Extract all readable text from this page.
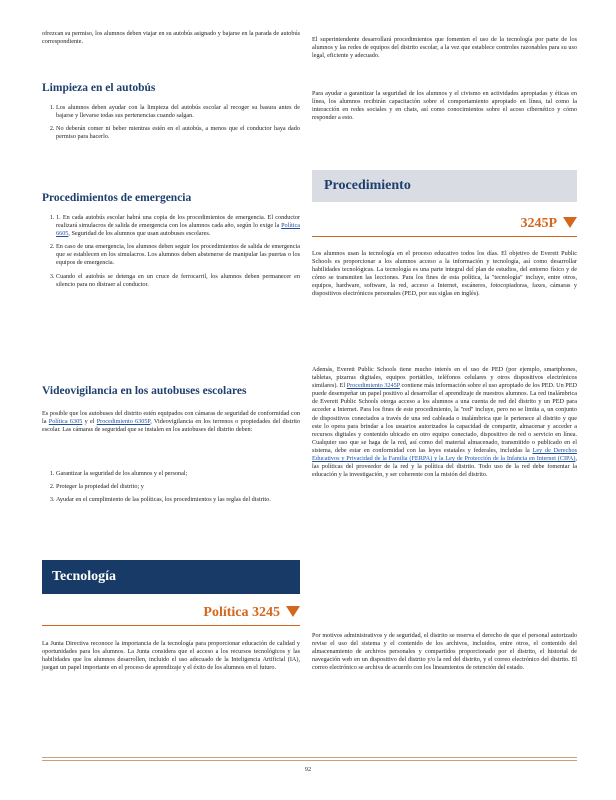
ofrezcan su permiso, los alumnos deben viajar en su autobús asignado y bajarse en la parada de autobús correspondiente.

Limpieza en el autobús
1. Los alumnos deben ayudar con la limpieza del autobús escolar al recoger su basura antes de bajarse y llevarse todas sus pertenencias cuando salgan.
2. No deberán comer ni beber mientras estén en el autobús, a menos que el conductor haya dado permiso para hacerlo.
Procedimientos de emergencia
1. 1. En cada autobús escolar habrá una copia de los procedimientos de emergencia. El conductor realizará simulacros de salida de emergencia con los alumnos cada año, según lo exige la Política 6605, Seguridad de los alumnos que usan autobuses escolares.
2. En caso de una emergencia, los alumnos deben seguir los procedimientos de salida de emergencia que se establecen en los simulacros. Los alumnos deben abstenerse de manipular las puertas o los equipos de emergencia.
3. Cuando el autobús se detenga en un cruce de ferrocarril, los alumnos deben permanecer en silencio para no distraer al conductor.
Videovigilancia en los autobuses escolares

Es posible que los autobuses del distrito estén equipados con cámaras de seguridad de conformidad con la Política 6305 y el Procedimiento 6305P, Videovigilancia en los terrenos o propiedades del distrito escolar. Las cámaras de seguridad que se instalen en los autobuses del distrito deben:

1. Garantizar la seguridad de los alumnos y el personal;
2. Proteger la propiedad del distrito; y
3. Ayudar en el cumplimiento de las políticas, los procedimientos y las reglas del distrito.
Tecnología
Política 3245

La Junta Directiva reconoce la importancia de la tecnología para proporcionar educación de calidad y oportunidades para los alumnos. La Junta considera que el acceso a los recursos tecnológicos y las habilidades que los alumnos desarrollen, incluido el uso adecuado de la Inteligencia Artificial (IA), juegan un papel importante en el proceso de aprendizaje y el éxito de los alumnos en el futuro.

El superintendente desarrollará procedimientos que fomenten el uso de la tecnología por parte de los alumnos y las redes de equipos del distrito escolar, a la vez que establece controles razonables para su uso legal, eficiente y adecuado.

Para ayudar a garantizar la seguridad de los alumnos y el civismo en actividades apropiadas y éticas en línea, los alumnos recibirán capacitación sobre el comportamiento apropiado en línea, tal como la interacción en redes sociales y en chats, así como conocimientos sobre el acoso cibernético y cómo responder a esto.

Procedimiento
3245P

Los alumnos usan la tecnología en el proceso educativo todos los días. El objetivo de Everett Public Schools es proporcionar a los alumnos acceso a la información y tecnología, así como desarrollar habilidades tecnológicas. La tecnología es una parte integral del plan de estudios, del entorno físico y de cómo se transmiten las lecciones. Para los fines de esta política, la "tecnología" incluye, entre otros, equipos, hardware, software, la red, acceso a Internet, escáneres, fotocopiadoras, faxes, cámaras y dispositivos electrónicos personales (PED, por sus siglas en inglés).

Además, Everett Public Schools tiene mucho interés en el uso de PED (por ejemplo, smartphones, tabletas, pizarras digitales, equipos portátiles, teléfonos celulares y otros dispositivos electrónicos similares). El Procedimiento 3245P contiene más información sobre el uso apropiado de los PED. Un PED puede desempeñar un papel positivo al desarrollar el aprendizaje de nuestros alumnos. La red inalámbrica de Everett Public Schools otorga acceso a los alumnos a una cuenta de red del distrito y un PED para acceder a Internet. Para los fines de este procedimiento, la "red" incluye, pero no se limita a, un conjunto de dispositivos conectados a través de una red cableada o inalámbrica que le pertenece al distrito y que este lo opera para brindar a los usuarios autorizados la capacidad de compartir, almacenar y acceder a recursos digitales y contenido ubicado en otro equipo conectado, dispositivo de red o servicio en línea. Cualquier uso que se haga de la red, así como del material almacenado, transmitido o publicado en el sistema, debe estar en conformidad con las leyes estatales y federales, incluidas la Ley de Derechos Educativos y Privacidad de la Familia (FERPA) y la Ley de Protección de la Infancia en Internet (CIPA), las políticas del proveedor de la red y la política del distrito. Todo uso de la red debe fomentar la educación y la investigación, y ser coherente con la misión del distrito.

Por motivos administrativos y de seguridad, el distrito se reserva el derecho de que el personal autorizado revise el uso del sistema y el contenido de los archivos, incluidos, entre otros, el contenido del almacenamiento de archivos personales y compartidos proporcionado por el distrito, el historial de navegación web en un dispositivo del distrito y/o la red del distrito, y el correo electrónico del distrito. El correo electrónico se archiva de acuerdo con los lineamientos de retención del estado.

92
